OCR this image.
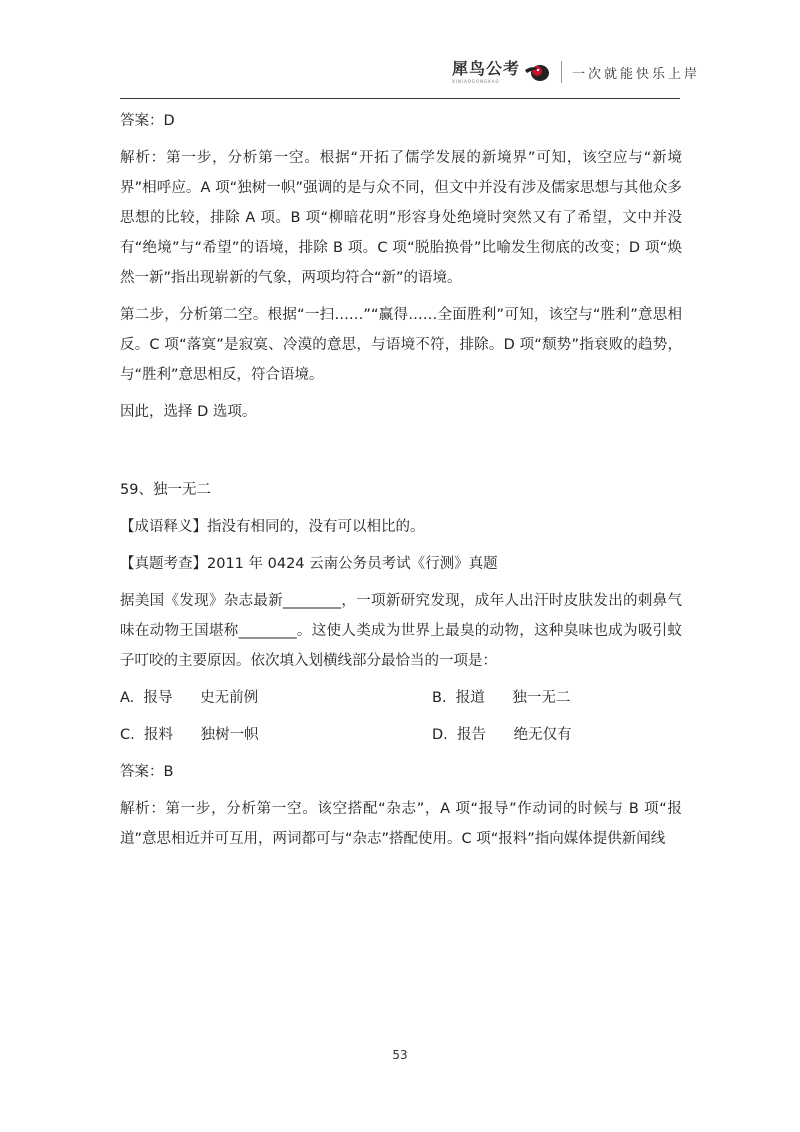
犀鸟公考
XINIAOGONGKAO	一次就能快乐上岸

答案：D

解析：第一步，分析第一空。根据“开拓了儒学发展的新境界”可知，该空应与“新境界”相呼应。A 项“独树一帜”强调的是与众不同，但文中并没有涉及儒家思想与其他众多思想的比较，排除 A 项。B 项“柳暗花明”形容身处绝境时突然又有了希望，文中并没有“绝境”与“希望”的语境，排除 B 项。C 项“脱胎换骨”比喻发生彻底的改变；D 项“焕然一新”指出现崭新的气象，两项均符合“新”的语境。

第二步，分析第二空。根据“一扫……”“赢得……全面胜利”可知，该空与“胜利”意思相反。C 项“落寞”是寂寞、冷漠的意思，与语境不符，排除。D 项“颓势”指衰败的趋势，与“胜利”意思相反，符合语境。

因此，选择 D 选项。

59、独一无二

【成语释义】指没有相同的，没有可以相比的。

【真题考查】2011 年 0424 云南公务员考试《行测》真题

据美国《发现》杂志最新________，一项新研究发现，成年人出汗时皮肤发出的刺鼻气味在动物王国堪称________。这使人类成为世界上最臭的动物，这种臭味也成为吸引蚊子叮咬的主要原因。依次填入划横线部分最恰当的一项是：

A.  报导      史无前例	B.  报道      独一无二
C.  报料      独树一帜	D.  报告      绝无仅有

答案：B

解析：第一步，分析第一空。该空搭配“杂志”，A 项“报导”作动词的时候与 B 项“报道”意思相近并可互用，两词都可与“杂志”搭配使用。C 项“报料”指向媒体提供新闻线

53
